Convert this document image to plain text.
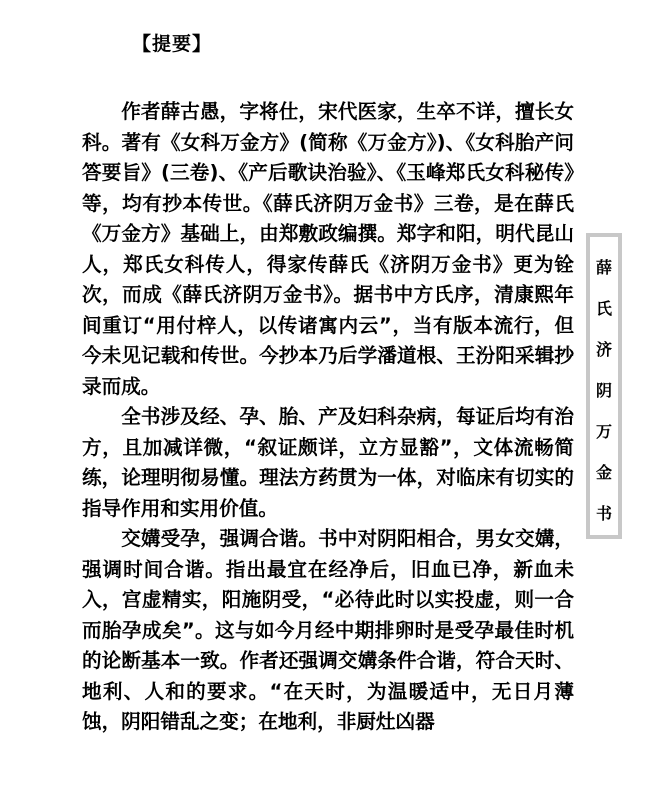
【提要】

作者薛古愚，字将仕，宋代医家，生卒不详，擅长女科。著有《女科万金方》(简称《万金方》)、《女科胎产问答要旨》(三卷)、《产后歌诀治验》、《玉峰郑氏女科秘传》等，均有抄本传世。《薛氏济阴万金书》三卷，是在薛氏《万金方》基础上，由郑敷政编撰。郑字和阳，明代昆山人，郑氏女科传人，得家传薛氏《济阴万金书》更为铨次，而成《薛氏济阴万金书》。据书中方氏序，清康熙年间重订“用付梓人，以传诸寓内云”，当有版本流行，但今未见记载和传世。今抄本乃后学潘道根、王汾阳采辑抄录而成。

全书涉及经、孕、胎、产及妇科杂病，每证后均有治方，且加减详微，“叙证颇详，立方显豁”，文体流畅简练，论理明彻易懂。理法方药贯为一体，对临床有切实的指导作用和实用价值。

交媾受孕，强调合谐。书中对阴阳相合，男女交媾，强调时间合谐。指出最宜在经净后，旧血已净，新血未入，宫虚精实，阳施阴受，“必待此时以实投虚，则一合而胎孕成矣”。这与如今月经中期排卵时是受孕最佳时机的论断基本一致。作者还强调交媾条件合谐，符合天时、地利、人和的要求。“在天时，为温暖适中，无日月薄蚀，阴阳错乱之变；在地利，非厨灶凶器

薛
氏
济
阴
万
金
书
